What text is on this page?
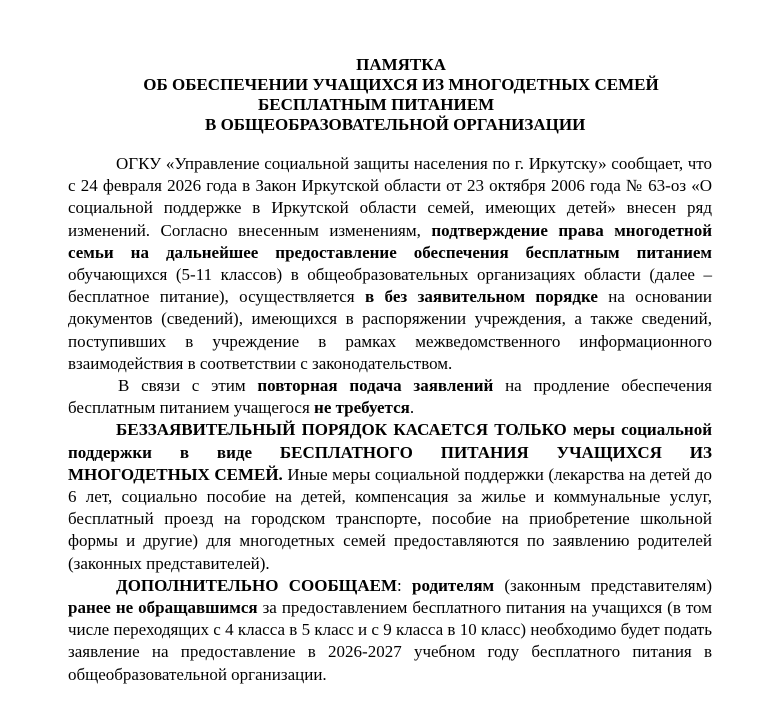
ПАМЯТКА
ОБ ОБЕСПЕЧЕНИИ УЧАЩИХСЯ ИЗ МНОГОДЕТНЫХ СЕМЕЙ
БЕСПЛАТНЫМ ПИТАНИЕМ
В ОБЩЕОБРАЗОВАТЕЛЬНОЙ ОРГАНИЗАЦИИ

ОГКУ «Управление социальной защиты населения по г. Иркутску» сообщает, что с 24 февраля 2026 года в Закон Иркутской области от 23 октября 2006 года № 63-оз «О социальной поддержке в Иркутской области семей, имеющих детей» внесен ряд изменений. Согласно внесенным изменениям, подтверждение права многодетной семьи на дальнейшее предоставление обеспечения бесплатным питанием обучающихся (5-11 классов) в общеобразовательных организациях области (далее – бесплатное питание), осуществляется в без заявительном порядке на основании документов (сведений), имеющихся в распоряжении учреждения, а также сведений, поступивших в учреждение в рамках межведомственного информационного взаимодействия в соответствии с законодательством.

В связи с этим повторная подача заявлений на продление обеспечения бесплатным питанием учащегося не требуется.

БЕЗЗАЯВИТЕЛЬНЫЙ ПОРЯДОК КАСАЕТСЯ ТОЛЬКО меры социальной поддержки в виде БЕСПЛАТНОГО ПИТАНИЯ УЧАЩИХСЯ ИЗ МНОГОДЕТНЫХ СЕМЕЙ. Иные меры социальной поддержки (лекарства на детей до 6 лет, социально пособие на детей, компенсация за жилье и коммунальные услуг, бесплатный проезд на городском транспорте, пособие на приобретение школьной формы и другие) для многодетных семей предоставляются по заявлению родителей (законных представителей).

ДОПОЛНИТЕЛЬНО СООБЩАЕМ: родителям (законным представителям) ранее не обращавшимся за предоставлением бесплатного питания на учащихся (в том числе переходящих с 4 класса в 5 класс и с 9 класса в 10 класс) необходимо будет подать заявление на предоставление в 2026-2027 учебном году бесплатного питания в общеобразовательной организации.
